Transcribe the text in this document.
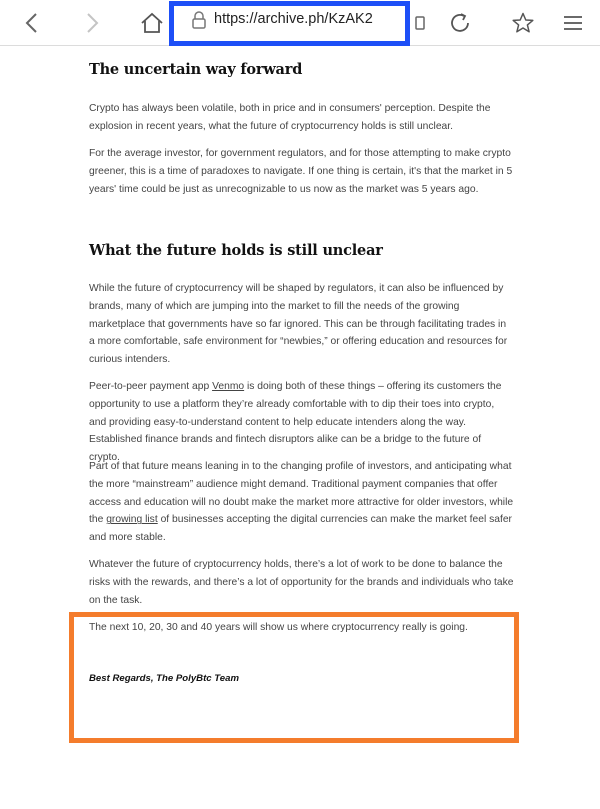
https://archive.ph/KzAK2
The uncertain way forward

Crypto has always been volatile, both in price and in consumers' perception. Despite the explosion in recent years, what the future of cryptocurrency holds is still unclear.

For the average investor, for government regulators, and for those attempting to make crypto greener, this is a time of paradoxes to navigate. If one thing is certain, it's that the market in 5 years' time could be just as unrecognizable to us now as the market was 5 years ago.

What the future holds is still unclear

While the future of cryptocurrency will be shaped by regulators, it can also be influenced by brands, many of which are jumping into the market to fill the needs of the growing marketplace that governments have so far ignored. This can be through facilitating trades in a more comfortable, safe environment for “newbies,” or offering education and resources for curious intenders.

Peer-to-peer payment app Venmo is doing both of these things – offering its customers the opportunity to use a platform they’re already comfortable with to dip their toes into crypto, and providing easy-to-understand content to help educate intenders along the way. Established finance brands and fintech disruptors alike can be a bridge to the future of crypto.

Part of that future means leaning in to the changing profile of investors, and anticipating what the more “mainstream” audience might demand. Traditional payment companies that offer access and education will no doubt make the market more attractive for older investors, while the growing list of businesses accepting the digital currencies can make the market feel safer and more stable.

Whatever the future of cryptocurrency holds, there’s a lot of work to be done to balance the risks with the rewards, and there’s a lot of opportunity for the brands and individuals who take on the task.

The next 10, 20, 30 and 40 years will show us where cryptocurrency really is going.

Best Regards, The PolyBtc Team
